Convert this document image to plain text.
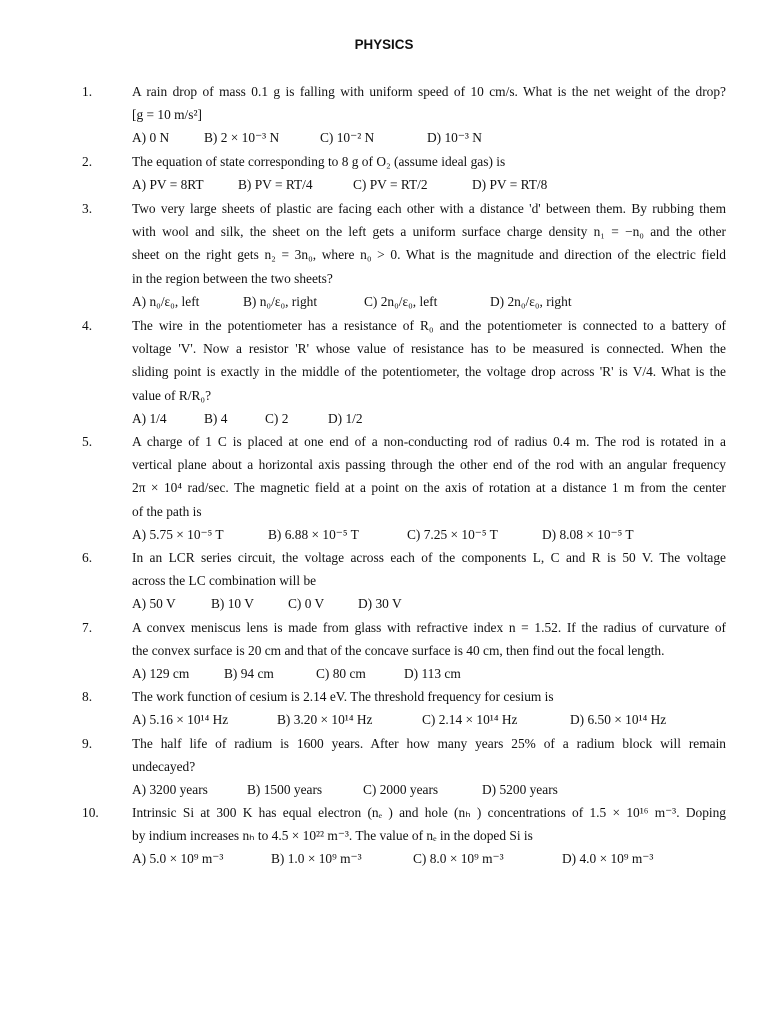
PHYSICS
1.	A rain drop of mass 0.1 g is falling with uniform speed of 10 cm/s. What is the net weight of the drop?
[g = 10 m/s²]
A) 0 N	B) 2 × 10⁻³ N	C) 10⁻² N	D) 10⁻³ N
2.	The equation of state corresponding to 8 g of O₂ (assume ideal gas) is
A) PV = 8RT	B) PV = RT/4	C) PV = RT/2	D) PV = RT/8
3.	Two very large sheets of plastic are facing each other with a distance 'd' between them. By rubbing them
with wool and silk, the sheet on the left gets a uniform surface charge density n₁ = −n₀ and the other
sheet on the right gets n₂ = 3n₀, where n₀ > 0. What is the magnitude and direction of the electric field
in the region between the two sheets?
A) n₀/ε₀, left	B) n₀/ε₀, right	C) 2n₀/ε₀, left	D) 2n₀/ε₀, right
4.	The wire in the potentiometer has a resistance of R₀ and the potentiometer is connected to a battery of
voltage 'V'. Now a resistor 'R' whose value of resistance has to be measured is connected. When the
sliding point is exactly in the middle of the potentiometer, the voltage drop across 'R' is V/4. What is the
value of R/R₀?
A) 1/4	B) 4	C) 2	D) 1/2
5.	A charge of 1 C is placed at one end of a non-conducting rod of radius 0.4 m. The rod is rotated in a
vertical plane about a horizontal axis passing through the other end of the rod with an angular frequency
2π × 10⁴ rad/sec. The magnetic field at a point on the axis of rotation at a distance 1 m from the center
of the path is
A) 5.75 × 10⁻⁵ T	B) 6.88 × 10⁻⁵ T	C) 7.25 × 10⁻⁵ T	D) 8.08 × 10⁻⁵ T
6.	In an LCR series circuit, the voltage across each of the components L, C and R is 50 V. The voltage
across the LC combination will be
A) 50 V	B) 10 V	C) 0 V	D) 30 V
7.	A convex meniscus lens is made from glass with refractive index n = 1.52. If the radius of curvature of
the convex surface is 20 cm and that of the concave surface is 40 cm, then find out the focal length.
A) 129 cm	B) 94 cm	C) 80 cm	D) 113 cm
8.	The work function of cesium is 2.14 eV. The threshold frequency for cesium is
A) 5.16 × 10¹⁴ Hz	B) 3.20 × 10¹⁴ Hz	C) 2.14 × 10¹⁴ Hz	D) 6.50 × 10¹⁴ Hz
9.	The half life of radium is 1600 years. After how many years 25% of a radium block will remain
undecayed?
A) 3200 years	B) 1500 years	C) 2000 years	D) 5200 years
10. Intrinsic Si at 300 K has equal electron (nₑ ) and hole (nₕ ) concentrations of 1.5 × 10¹⁶ m⁻³. Doping
by indium increases nₕ to 4.5 × 10²² m⁻³. The value of nₑ in the doped Si is
A) 5.0 × 10⁹ m⁻³	B) 1.0 × 10⁹ m⁻³	C) 8.0 × 10⁹ m⁻³	D) 4.0 × 10⁹ m⁻³
